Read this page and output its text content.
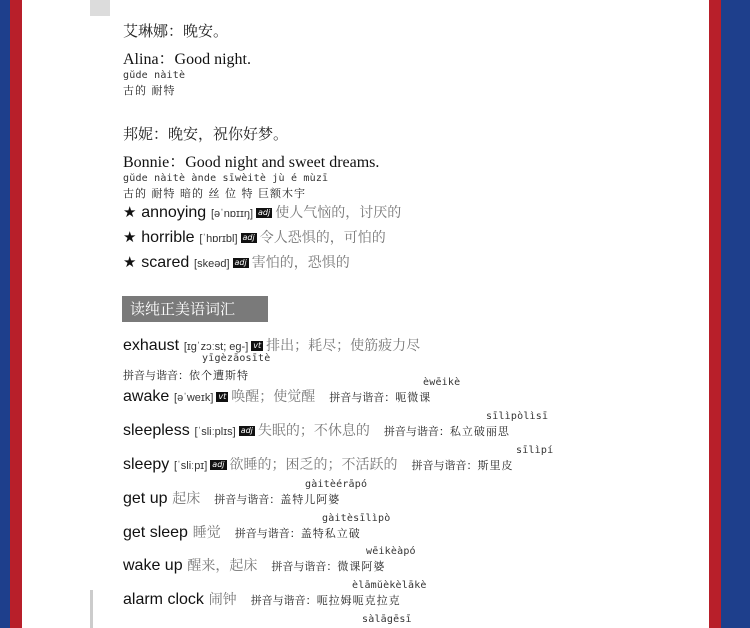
艾琳娜：晚安。
Alina：Good night.
gŭde nàitè
古的 耐特
邦妮：晚安，祝你好梦。
Bonnie：Good night and sweet dreams.
gŭde nàitè ànde sīwèitè jù é mùzī
古的 耐特 暗的 丝 位 特 巨额木宇
★ annoying [əˈnɒɪɪŋ] adj 使人气恼的，讨厌的
★ horrible [ˈhɒrɪbl] adj 令人恐惧的，可怕的
★ scared [skeəd] adj 害怕的，恐惧的
读纯正美语词汇
exhaust [ɪgˈzɔːst; eg-] vt 排出；耗尽；使筋疲力尽
yīgèzāosītè
拼音与谐音：依个遭斯特
èwēikè
awake [əˈweɪk] vt 唤醒；使觉醒 拼音与谐音：呃微课
sīlìpòlìsī
sleepless [ˈsliːplɪs] adj 失眠的；不休息的 拼音与谐音：私立破丽思
sīlìpí
sleepy [ˈsliːpɪ] adj 欲睡的；困乏的；不活跃的 拼音与谐音：斯里皮
gàitèérāpó
get up 起床 拼音与谐音：盖特儿阿婆
gàitèsīlìpò
get sleep 睡觉 拼音与谐音：盖特私立破
wēikèàpó
wake up 醒来，起床 拼音与谐音：微课阿婆
èlāmŭèkèlākè
alarm clock 闹钟 拼音与谐音：呃拉姆呃克拉克
sàlāgēsī
